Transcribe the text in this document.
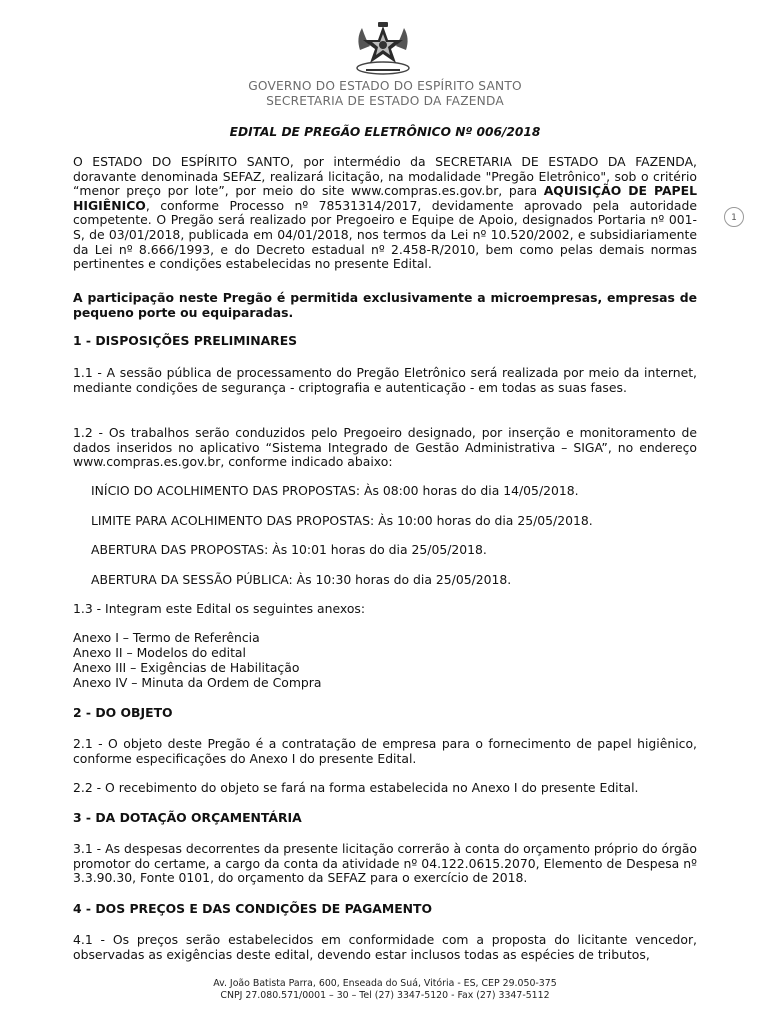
GOVERNO DO ESTADO DO ESPÍRITO SANTO
SECRETARIA DE ESTADO DA FAZENDA
EDITAL DE PREGÃO ELETRÔNICO Nº 006/2018
1
O ESTADO DO ESPÍRITO SANTO, por intermédio da SECRETARIA DE ESTADO DA FAZENDA, doravante denominada SEFAZ, realizará licitação, na modalidade "Pregão Eletrônico", sob o critério “menor preço por lote”, por meio do site www.compras.es.gov.br, para AQUISIÇÃO DE PAPEL HIGIÊNICO, conforme Processo nº 78531314/2017, devidamente aprovado pela autoridade competente. O Pregão será realizado por Pregoeiro e Equipe de Apoio, designados Portaria nº 001-S, de 03/01/2018, publicada em 04/01/2018, nos termos da Lei nº 10.520/2002, e subsidiariamente da Lei nº 8.666/1993, e do Decreto estadual nº 2.458-R/2010, bem como pelas demais normas pertinentes e condições estabelecidas no presente Edital.
A participação neste Pregão é permitida exclusivamente a microempresas, empresas de pequeno porte ou equiparadas.
1 - DISPOSIÇÕES PRELIMINARES
1.1 - A sessão pública de processamento do Pregão Eletrônico será realizada por meio da internet, mediante condições de segurança - criptografia e autenticação - em todas as suas fases.
1.2 - Os trabalhos serão conduzidos pelo Pregoeiro designado, por inserção e monitoramento de dados inseridos no aplicativo “Sistema Integrado de Gestão Administrativa – SIGA”, no endereço www.compras.es.gov.br, conforme indicado abaixo:
INÍCIO DO ACOLHIMENTO DAS PROPOSTAS: Às 08:00 horas do dia 14/05/2018.
LIMITE PARA ACOLHIMENTO DAS PROPOSTAS: Às 10:00 horas do dia 25/05/2018.
ABERTURA DAS PROPOSTAS: Às 10:01 horas do dia 25/05/2018.
ABERTURA DA SESSÃO PÚBLICA: Às 10:30 horas do dia 25/05/2018.
1.3 - Integram este Edital os seguintes anexos:
Anexo I – Termo de Referência
Anexo II – Modelos do edital
Anexo III – Exigências de Habilitação
Anexo IV – Minuta da Ordem de Compra
2 - DO OBJETO
2.1 - O objeto deste Pregão é a contratação de empresa para o fornecimento de papel higiênico, conforme especificações do Anexo I do presente Edital.
2.2 - O recebimento do objeto se fará na forma estabelecida no Anexo I do presente Edital.
3 - DA DOTAÇÃO ORÇAMENTÁRIA
3.1 - As despesas decorrentes da presente licitação correrão à conta do orçamento próprio do órgão promotor do certame, a cargo da conta da atividade nº 04.122.0615.2070, Elemento de Despesa nº 3.3.90.30, Fonte 0101, do orçamento da SEFAZ para o exercício de 2018.
4 - DOS PREÇOS E DAS CONDIÇÕES DE PAGAMENTO
4.1 - Os preços serão estabelecidos em conformidade com a proposta do licitante vencedor, observadas as exigências deste edital, devendo estar inclusos todas as espécies de tributos,
Av. João Batista Parra, 600, Enseada do Suá, Vitória - ES, CEP 29.050-375
CNPJ 27.080.571/0001 – 30 – Tel (27) 3347-5120 - Fax (27) 3347-5112
